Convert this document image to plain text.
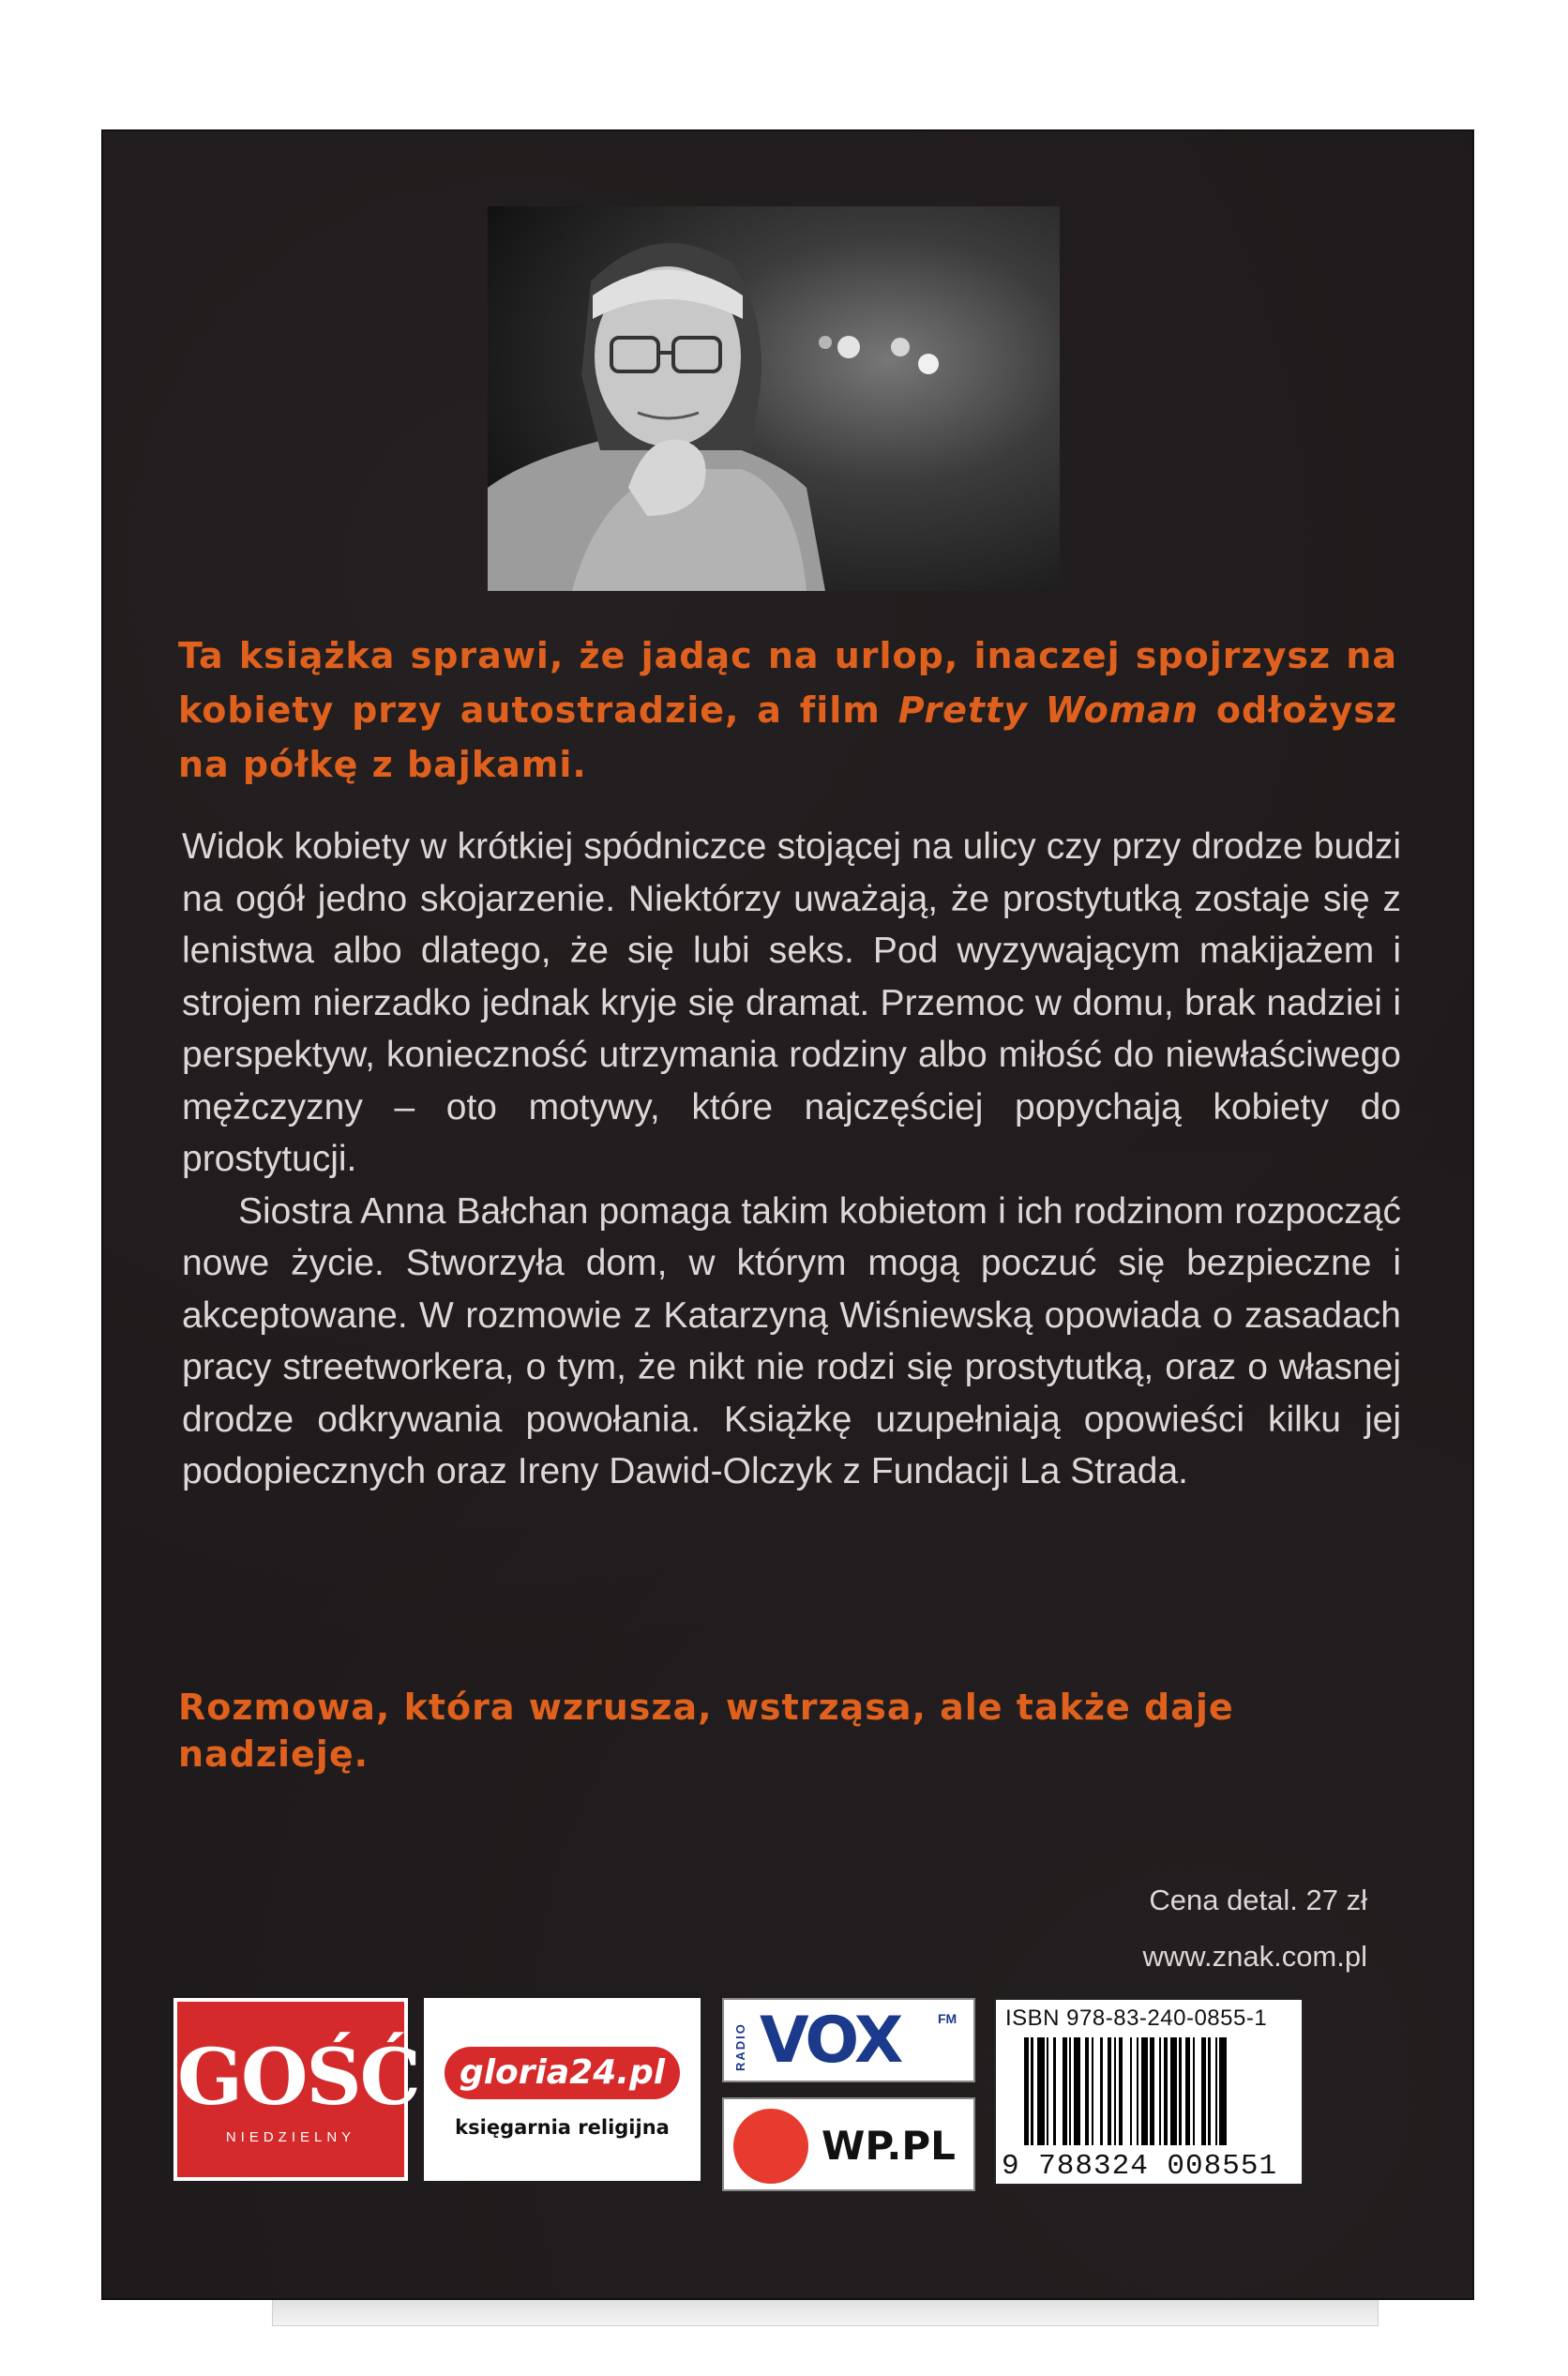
Ta książka sprawi, że jadąc na urlop, inaczej spojrzysz na kobiety przy autostradzie, a film Pretty Woman odłożysz na półkę z bajkami.

Widok kobiety w krótkiej spódniczce stojącej na ulicy czy przy drodze budzi na ogół jedno skojarzenie. Niektórzy uważają, że prostytutką zostaje się z lenistwa albo dlatego, że się lubi seks. Pod wyzywającym makijażem i strojem nierzadko jednak kryje się dramat. Przemoc w domu, brak nadziei i perspektyw, konieczność utrzymania rodziny albo miłość do niewłaściwego mężczyzny – oto motywy, które najczęściej popychają kobiety do prostytucji.

Siostra Anna Bałchan pomaga takim kobietom i ich rodzinom rozpocząć nowe życie. Stworzyła dom, w którym mogą poczuć się bezpieczne i akceptowane. W rozmowie z Katarzyną Wiśniewską opowiada o zasadach pracy streetworkera, o tym, że nikt nie rodzi się prostytutką, oraz o własnej drodze odkrywania powołania. Książkę uzupełniają opowieści kilku jej podopiecznych oraz Ireny Dawid-Olczyk z Fundacji La Strada.

Rozmowa, która wzrusza, wstrząsa, ale także daje nadzieję.
Cena detal. 27 zł
www.znak.com.pl
GOŚĆ
NIEDZIELNY
gloria24.pl
księgarnia religijna
RADIO VOX	FM
WP.PL
ISBN 978-83-240-0855-1
9 788324 008551
